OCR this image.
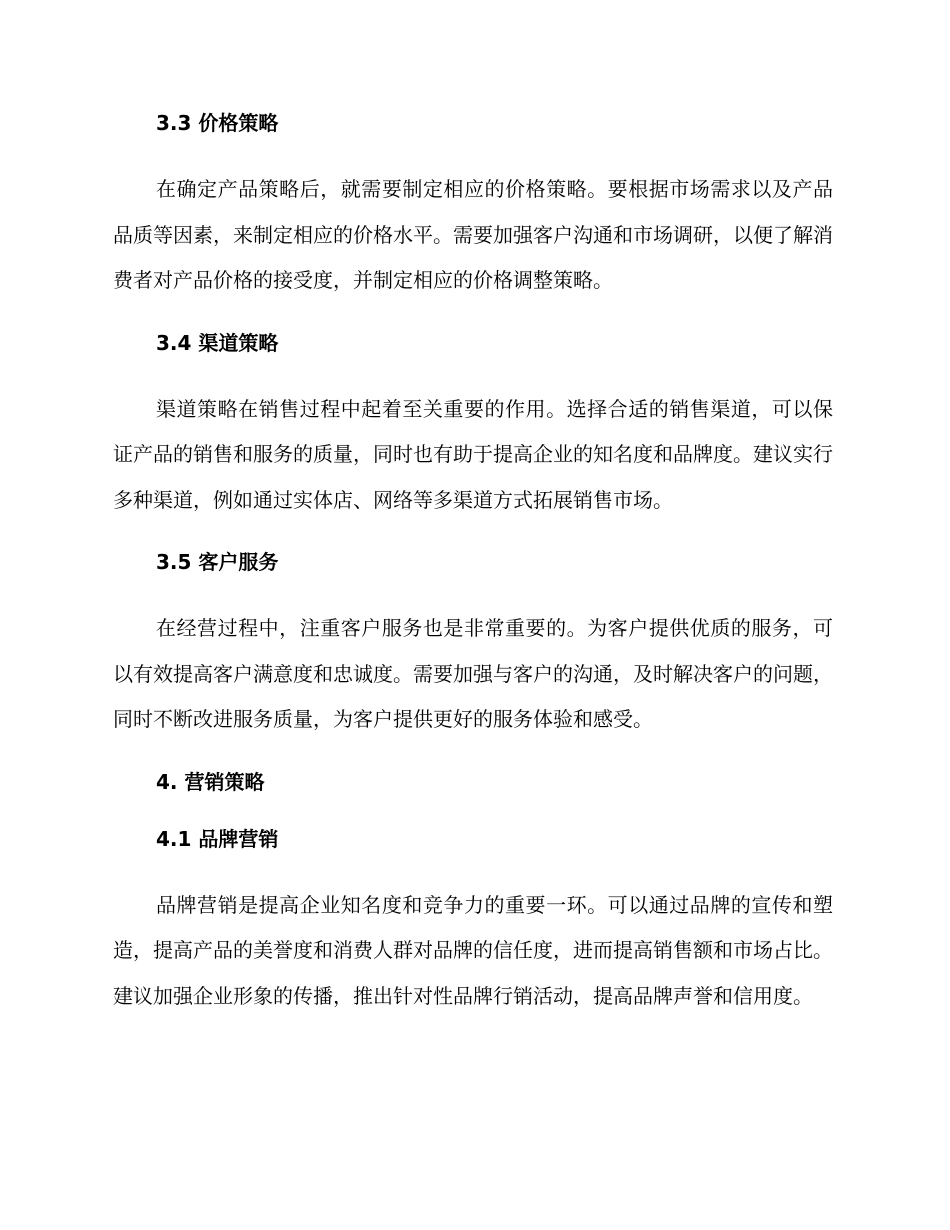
3.3 价格策略

在确定产品策略后，就需要制定相应的价格策略。要根据市场需求以及产品品质等因素，来制定相应的价格水平。需要加强客户沟通和市场调研，以便了解消费者对产品价格的接受度，并制定相应的价格调整策略。

3.4 渠道策略

渠道策略在销售过程中起着至关重要的作用。选择合适的销售渠道，可以保证产品的销售和服务的质量，同时也有助于提高企业的知名度和品牌度。建议实行多种渠道，例如通过实体店、网络等多渠道方式拓展销售市场。

3.5 客户服务

在经营过程中，注重客户服务也是非常重要的。为客户提供优质的服务，可以有效提高客户满意度和忠诚度。需要加强与客户的沟通，及时解决客户的问题，同时不断改进服务质量，为客户提供更好的服务体验和感受。

4. 营销策略
4.1 品牌营销

品牌营销是提高企业知名度和竞争力的重要一环。可以通过品牌的宣传和塑造，提高产品的美誉度和消费人群对品牌的信任度，进而提高销售额和市场占比。建议加强企业形象的传播，推出针对性品牌行销活动，提高品牌声誉和信用度。
